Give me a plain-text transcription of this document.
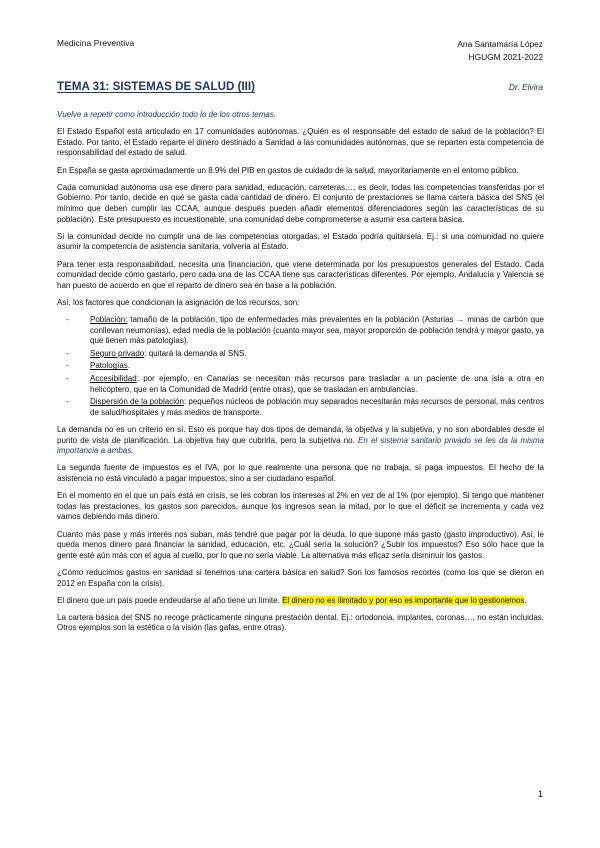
Medicina Preventiva	Ana Santamaría López
HGUGM 2021-2022
TEMA 31: SISTEMAS DE SALUD (III)	Dr. Elvira

Vuelve a repetir como introducción todo lo de los otros temas.

El Estado Español está articulado en 17 comunidades autónomas. ¿Quién es el responsable del estado de salud de la población? El Estado. Por tanto, el Estado reparte el dinero destinado a Sanidad a las comunidades autónomas, que se reparten esta competencia de responsabilidad del estado de salud.

En España se gasta aproximadamente un 8.9% del PIB en gastos de cuidado de la salud, mayoritariamente en el entorno público.

Cada comunidad autónoma usa ese dinero para sanidad, educación, carreteras…, es decir, todas las competencias transferidas por el Gobierno. Por tanto, decide en qué se gasta cada cantidad de dinero. El conjunto de prestaciones se llama cartera básica del SNS (el mínimo que deben cumplir las CCAA, aunque después pueden añadir elementos diferenciadores según las características de su población). Este presupuesto es incuestionable, una comunidad debe comprometerse a asumir esa cartera básica.

Si la comunidad decide no cumplir una de las competencias otorgadas, el Estado podría quitársela. Ej.: si una comunidad no quiere asumir la competencia de asistencia sanitaria, volvería al Estado.

Para tener esta responsabilidad, necesita una financiación, que viene determinada por los presupuestos generales del Estado. Cada comunidad decide cómo gastarlo, pero cada una de las CCAA tiene sus características diferentes. Por ejemplo, Andalucía y Valencia se han puesto de acuerdo en que el reparto de dinero sea en base a la población.

Así, los factores que condicionan la asignación de los recursos, son:

- Población: tamaño de la población, tipo de enfermedades más prevalentes en la población (Asturias → minas de carbón que conllevan neumonías), edad media de la población (cuanto mayor sea, mayor proporción de población tendrá y mayor gasto, ya que tienen más patologías).
- Seguro privado: quitará la demanda al SNS.
- Patologías.
- Accesibilidad: por ejemplo, en Canarias se necesitan más recursos para trasladar a un paciente de una isla a otra en helicóptero, que en la Comunidad de Madrid (entre otras), que se trasladan en ambulancias.
- Dispersión de la población: pequeños núcleos de población muy separados necesitarán más recursos de personal, más centros de salud/hospitales y más medios de transporte.

La demanda no es un criterio en sí. Esto es porque hay dos tipos de demanda, la objetiva y la subjetiva, y no son abordables desde el punto de vista de planificación. La objetiva hay que cubrirla, pero la subjetiva no. En el sistema sanitario privado se les da la misma importancia a ambas.

La segunda fuente de impuestos es el IVA, por lo que realmente una persona que no trabaja, sí paga impuestos. El hecho de la asistencia no está vinculado a pagar impuestos, sino a ser ciudadano español.

En el momento en el que un país está en crisis, se les cobran los intereses al 2% en vez de al 1% (por ejemplo). Si tengo que mantener todas las prestaciones, los gastos son parecidos, aunque los ingresos sean la mitad, por lo que el déficit se incrementa y cada vez vamos debiendo más dinero.

Cuanto más pase y más interés nos suban, más tendré que pagar por la deuda, lo que supone más gasto (gasto improductivo). Así, le queda menos dinero para financiar la sanidad, educación, etc. ¿Cuál sería la solución? ¿Subir los impuestos? Eso sólo hace que la gente esté aún más con el agua al cuello, por lo que no sería viable. La alternativa más eficaz sería disminuir los gastos.

¿Cómo reducimos gastos en sanidad si tenemos una cartera básica en salud? Son los famosos recortes (como los que se dieron en 2012 en España con la crisis).

El dinero que un país puede endeudarse al año tiene un límite. El dinero no es ilimitado y por eso es importante que lo gestionemos.

La cartera básica del SNS no recoge prácticamente ninguna prestación dental. Ej.: ortodoncia, implantes, coronas…, no están incluidas. Otros ejemplos son la estética o la visión (las gafas, entre otras).

1
